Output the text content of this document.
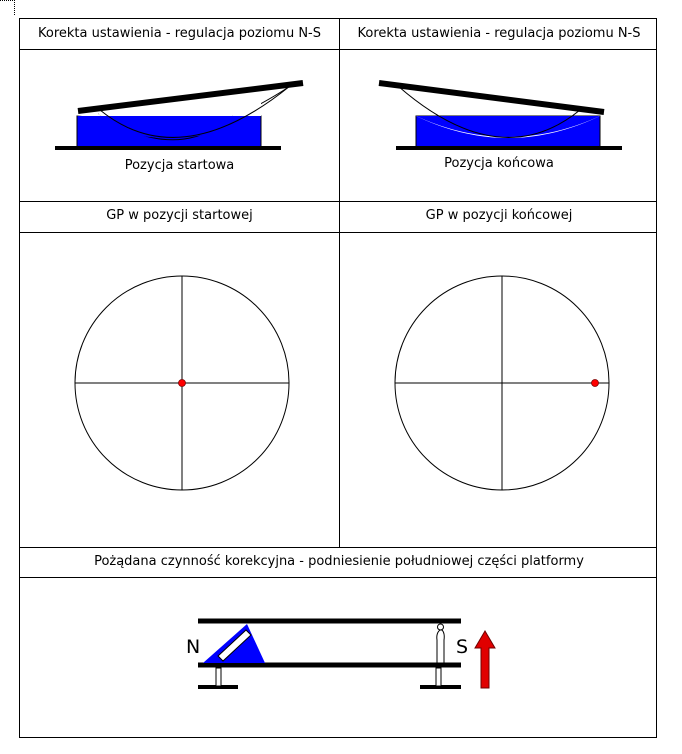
Korekta ustawienia - regulacja poziomu N-S	Korekta ustawienia - regulacja poziomu N-S
Pozycja startowa	Pozycja końcowa
GP w pozycji startowej	GP w pozycji końcowej
Pożądana czynność korekcyjna - podniesienie południowej części platformy
N	S
